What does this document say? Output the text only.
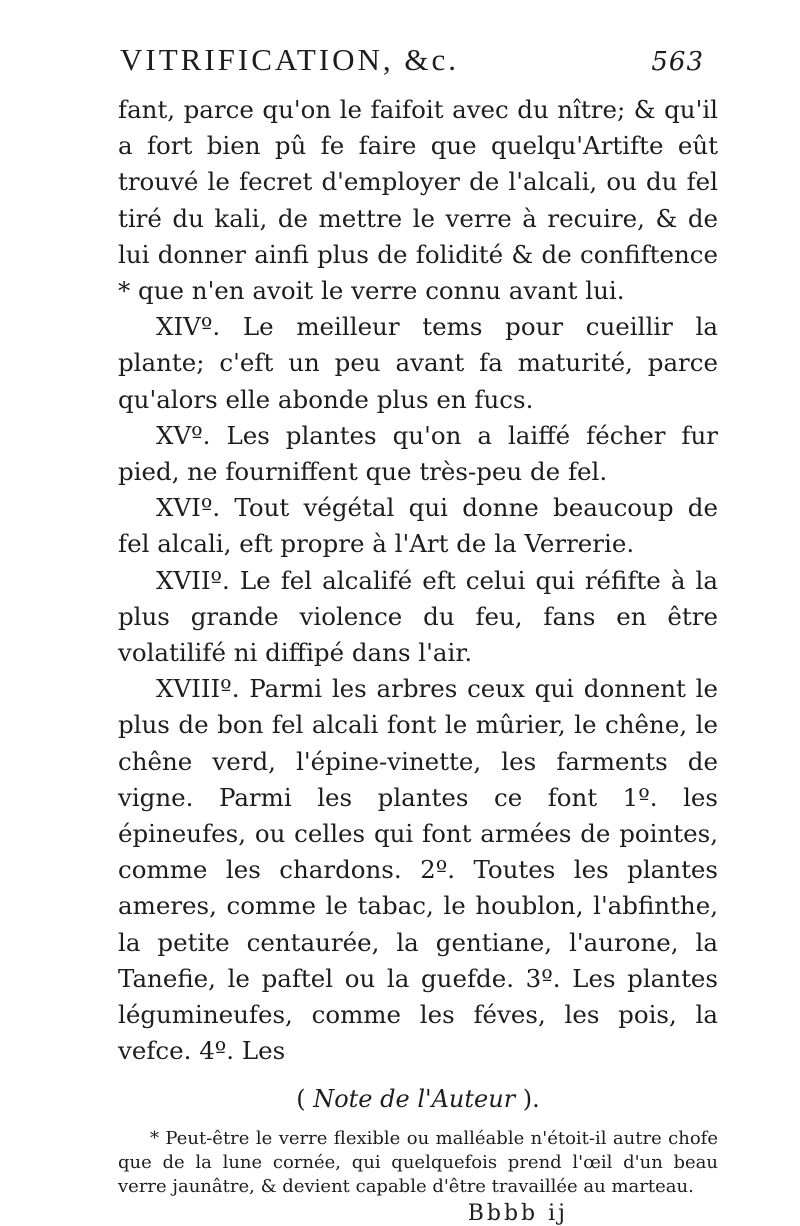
VITRIFICATION, &c.	563

fant, parce qu'on le faifoit avec du nître; & qu'il a fort bien pû fe faire que quelqu'Artifte eût trouvé le fecret d'employer de l'alcali, ou du fel tiré du kali, de mettre le verre à recuire, & de lui donner ainfi plus de folidité & de confiftence * que n'en avoit le verre connu avant lui.

XIVº. Le meilleur tems pour cueillir la plante; c'eft un peu avant fa maturité, parce qu'alors elle abonde plus en fucs.

XVº. Les plantes qu'on a laiffé fécher fur pied, ne fourniffent que très-peu de fel.

XVIº. Tout végétal qui donne beaucoup de fel alcali, eft propre à l'Art de la Verrerie.

XVIIº. Le fel alcalifé eft celui qui réfifte à la plus grande violence du feu, fans en être volatilifé ni diffipé dans l'air.

XVIIIº. Parmi les arbres ceux qui donnent le plus de bon fel alcali font le mûrier, le chêne, le chêne verd, l'épine-vinette, les farments de vigne. Parmi les plantes ce font 1º. les épineufes, ou celles qui font armées de pointes, comme les chardons. 2º. Toutes les plantes ameres, comme le tabac, le houblon, l'abfinthe, la petite centaurée, la gentiane, l'aurone, la Tanefie, le paftel ou la guefde. 3º. Les plantes légumineufes, comme les féves, les pois, la vefce. 4º. Les

( Note de l'Auteur ).

* Peut-être le verre flexible ou malléable n'étoit-il autre chofe que de la lune cornée, qui quelquefois prend l'œil d'un beau verre jaunâtre, & devient capable d'être travaillée au marteau.

Bbbb ij
